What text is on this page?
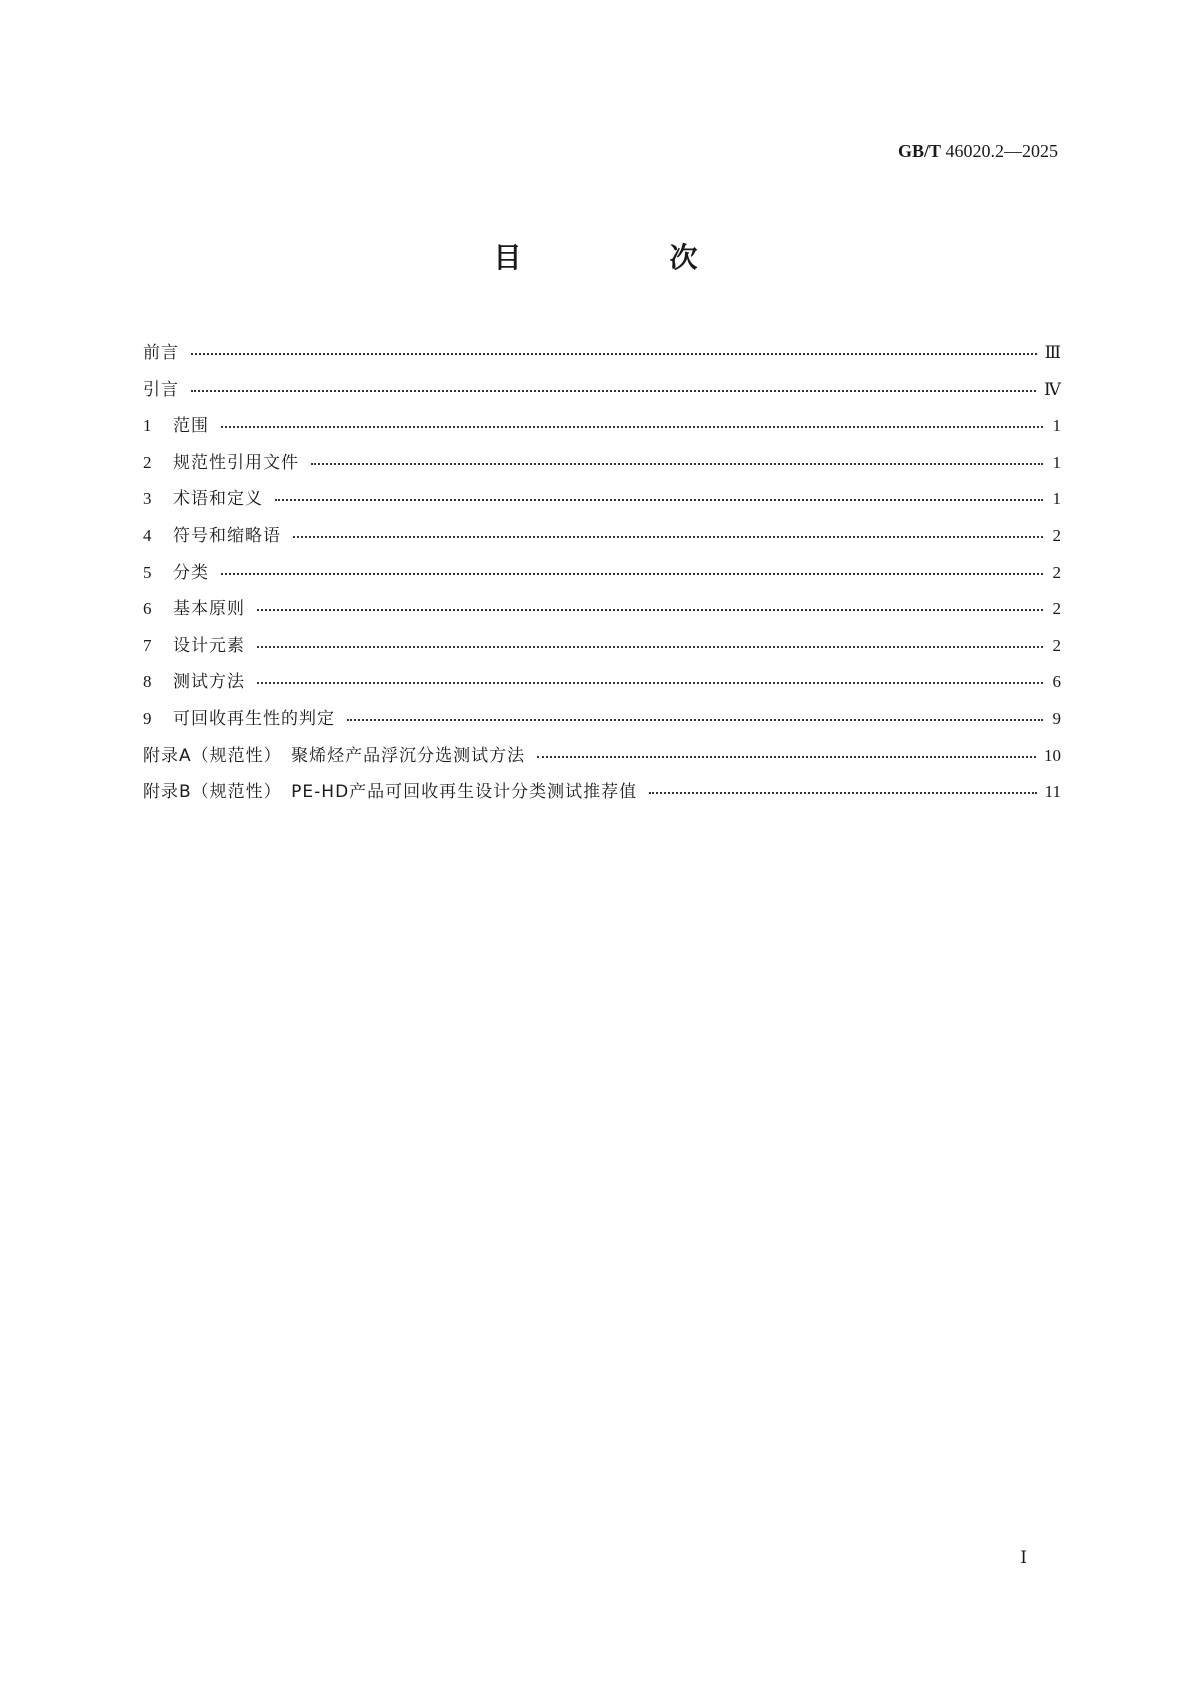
GB/T 46020.2—2025
目　次
前言	Ⅲ
引言	Ⅳ
1	范围	1
2	规范性引用文件	1
3	术语和定义	1
4	符号和缩略语	2
5	分类	2
6	基本原则	2
7	设计元素	2
8	测试方法	6
9	可回收再生性的判定	9
附录A（规范性）　聚烯烃产品浮沉分选测试方法	10
附录B（规范性）　PE-HD产品可回收再生设计分类测试推荐值	11
Ⅰ
